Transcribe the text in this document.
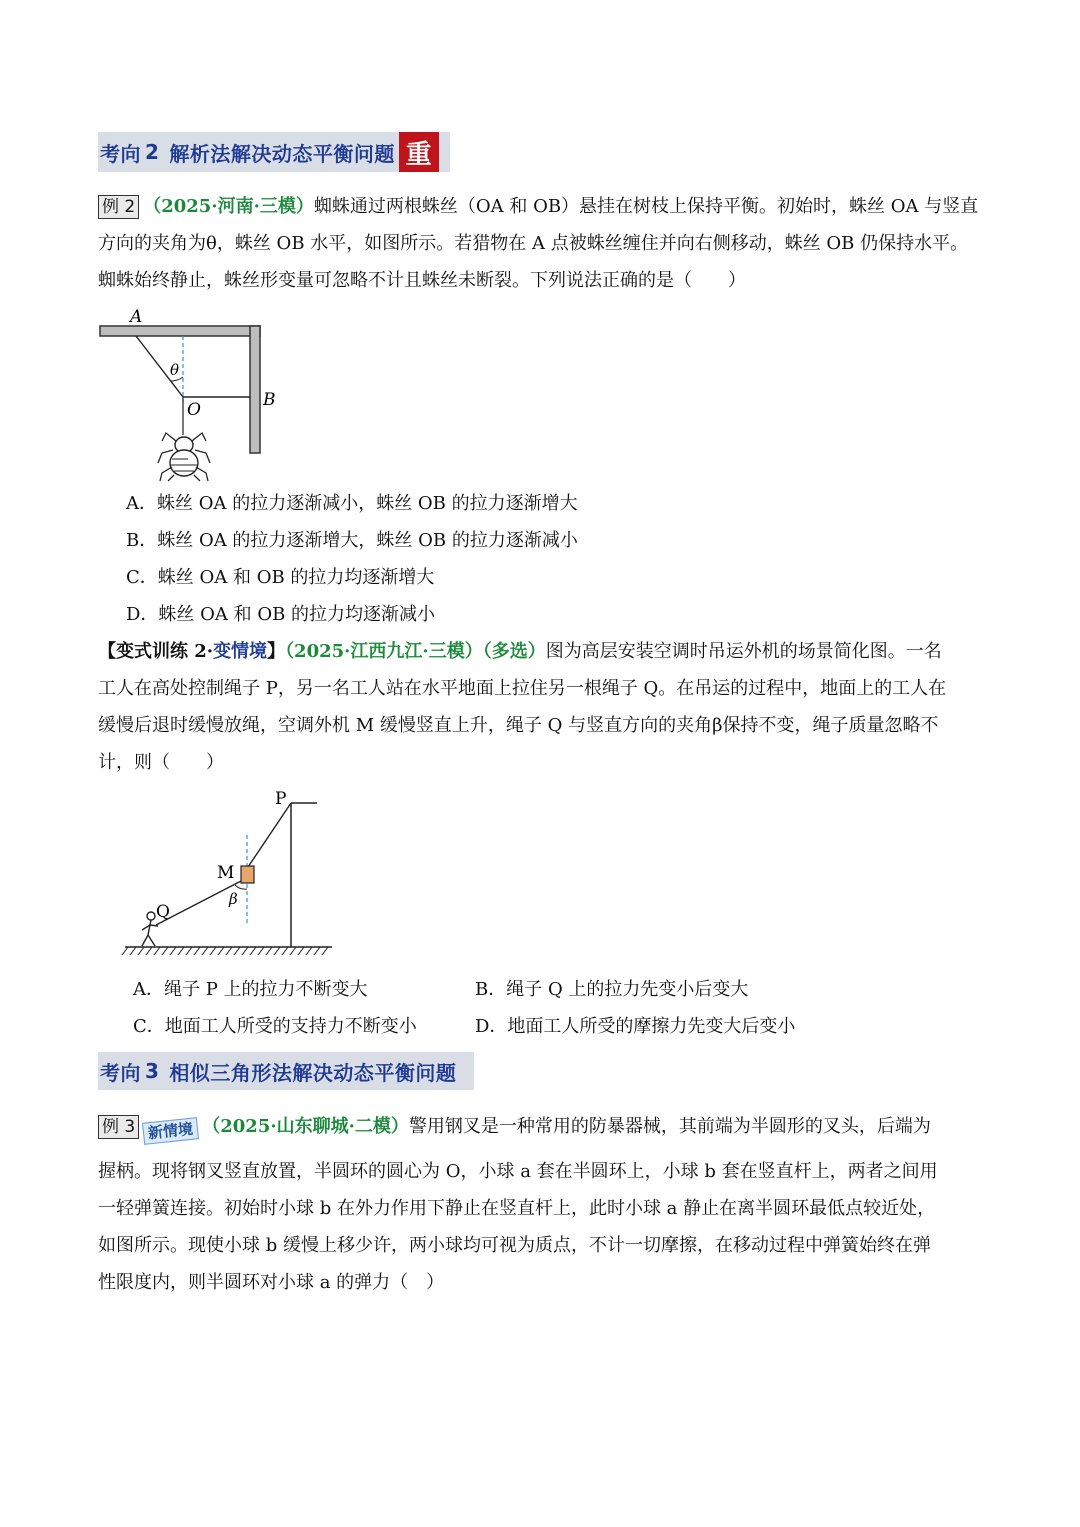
考向 2 解析法解决动态平衡问题 重
例 2 （2025·河南·三模）蜘蛛通过两根蛛丝（OA 和 OB）悬挂在树枝上保持平衡。初始时，蛛丝 OA 与竖直
方向的夹角为θ，蛛丝 OB 水平，如图所示。若猎物在 A 点被蛛丝缠住并向右侧移动，蛛丝 OB 仍保持水平。
蜘蛛始终静止，蛛丝形变量可忽略不计且蛛丝未断裂。下列说法正确的是（　　）
A
θ
O	B
A．蛛丝 OA 的拉力逐渐减小，蛛丝 OB 的拉力逐渐增大
B．蛛丝 OA 的拉力逐渐增大，蛛丝 OB 的拉力逐渐减小
C．蛛丝 OA 和 OB 的拉力均逐渐增大
D．蛛丝 OA 和 OB 的拉力均逐渐减小
【变式训练 2·变情境】（2025·江西九江·三模）（多选）图为高层安装空调时吊运外机的场景简化图。一名
工人在高处控制绳子 P，另一名工人站在水平地面上拉住另一根绳子 Q。在吊运的过程中，地面上的工人在
缓慢后退时缓慢放绳，空调外机 M 缓慢竖直上升，绳子 Q 与竖直方向的夹角β保持不变，绳子质量忽略不
计，则（　　）
P
M
Q
β
A．绳子 P 上的拉力不断变大	B．绳子 Q 上的拉力先变小后变大
C．地面工人所受的支持力不断变小	D．地面工人所受的摩擦力先变大后变小
考向 3 相似三角形法解决动态平衡问题
例 3 新情境 （2025·山东聊城·二模）警用钢叉是一种常用的防暴器械，其前端为半圆形的叉头，后端为
握柄。现将钢叉竖直放置，半圆环的圆心为 O，小球 a 套在半圆环上，小球 b 套在竖直杆上，两者之间用
一轻弹簧连接。初始时小球 b 在外力作用下静止在竖直杆上，此时小球 a 静止在离半圆环最低点较近处，
如图所示。现使小球 b 缓慢上移少许，两小球均可视为质点，不计一切摩擦，在移动过程中弹簧始终在弹
性限度内，则半圆环对小球 a 的弹力（　）
